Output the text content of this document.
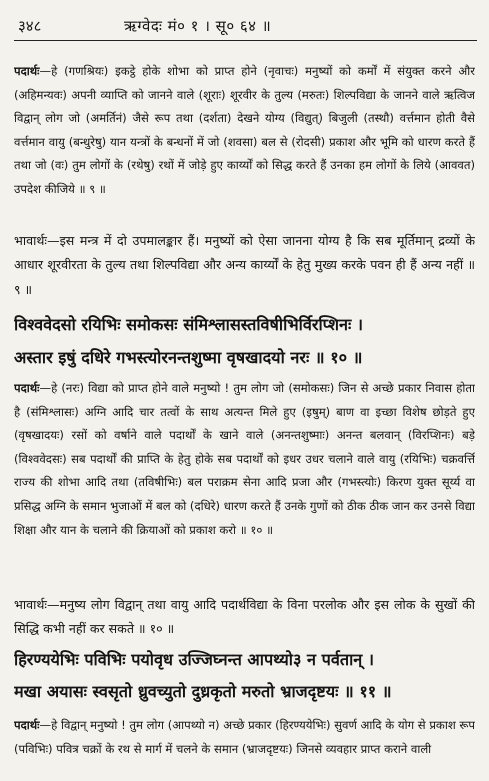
३४८	ऋग्वेदः मं० १ । सू० ६४ ॥
पदार्थः—हे (गणश्रियः) इकट्ठे होके शोभा को प्राप्त होने (नृवाचः) मनुष्यों को कर्मों में संयुक्त करने और (अहिमन्यवः) अपनी व्याप्ति को जानने वाले (शूराः) शूरवीर के तुल्य (मरुतः) शिल्पविद्या के जानने वाले ऋत्विज विद्वान् लोग जो (अमर्तिनं) जैसे रूप तथा (दर्शता) देखने योग्य (विद्युत्) बिजुली (तस्थौ) वर्त्तमान होती वैसे वर्त्तमान वायु (बन्धुरेषु) यान यन्त्रों के बन्धनों में जो (शवसा) बल से (रोदसी) प्रकाश और भूमि को धारण करते हैं तथा जो (वः) तुम लोगों के (रथेषु) रथों में जोड़े हुए कार्य्यों को सिद्ध करते हैं उनका हम लोगों के लिये (आववत) उपदेश कीजिये ॥ ९ ॥
भावार्थः—इस मन्त्र में दो उपमालङ्कार हैं। मनुष्यों को ऐसा जानना योग्य है कि सब मूर्तिमान् द्रव्यों के आधार शूरवीरता के तुल्य तथा शिल्पविद्या और अन्य कार्य्यों के हेतु मुख्य करके पवन ही हैं अन्य नहीं ॥ ९ ॥
विश्ववेदसो रयिभिः समोकसः संमिश्लासस्तविषीभिर्विरप्शिनः ।
अस्तार इषुं दधिरे गभस्त्योरनन्तशुष्मा वृषखादयो नरः ॥ १० ॥
पदार्थः—हे (नरः) विद्या को प्राप्त होने वाले मनुष्यो ! तुम लोग जो (समोकसः) जिन से अच्छे प्रकार निवास होता है (संमिश्लासः) अग्नि आदि चार तत्वों के साथ अत्यन्त मिले हुए (इषुम्) बाण वा इच्छा विशेष छोड़ते हुए (वृषखादयः) रसों को वर्षाने वाले पदार्थों के खाने वाले (अनन्तशुष्माः) अनन्त बलवान् (विरप्शिनः) बड़े (विश्ववेदसः) सब पदार्थों की प्राप्ति के हेतु होके सब पदार्थों को इधर उधर चलाने वाले वायु (रयिभिः) चक्रवर्त्ति राज्य की शोभा आदि तथा (तविषीभिः) बल पराक्रम सेना आदि प्रजा और (गभस्त्योः) किरण युक्त सूर्य्य वा प्रसिद्ध अग्नि के समान भुजाओं में बल को (दधिरे) धारण करते हैं उनके गुणों को ठीक ठीक जान कर उनसे विद्या शिक्षा और यान के चलाने की क्रियाओं को प्रकाश करो ॥ १० ॥
भावार्थः—मनुष्य लोग विद्वान् तथा वायु आदि पदार्थविद्या के विना परलोक और इस लोक के सुखों की सिद्धि कभी नहीं कर सकते ॥ १० ॥
हिरण्ययेभिः पविभिः पयोवृध उज्जिघ्नन्त आपथ्यो३ न पर्वतान् ।
मखा अयासः स्वसृतो ध्रुवच्युतो दुध्रकृतो मरुतो भ्राजदृष्टयः ॥ ११ ॥
पदार्थः—हे विद्वान् मनुष्यो ! तुम लोग (आपथ्यो न) अच्छे प्रकार (हिरण्ययेभिः) सुवर्ण आदि के योग से प्रकाश रूप (पविभिः) पवित्र चक्रों के रथ से मार्ग में चलने के समान (भ्राजदृष्टयः) जिनसे व्यवहार प्राप्त कराने वाली
